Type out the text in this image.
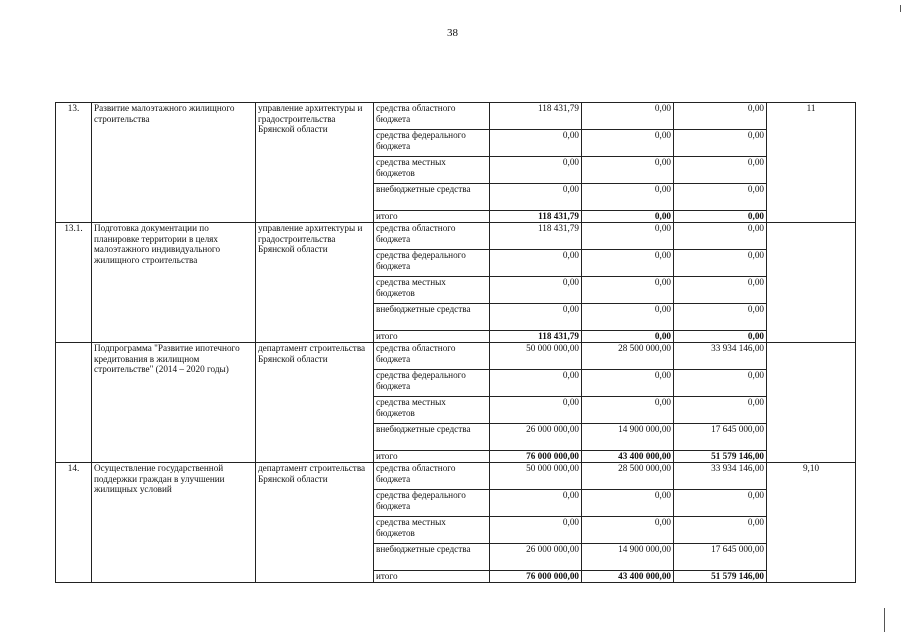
38
13.	Развитие малоэтажного жилищного строительства	управление архитектуры и градостроительства Брянской области	средства областного бюджета	118 431,79	0,00	0,00	11
			средства федерального бюджета	0,00	0,00	0,00	
			средства местных бюджетов	0,00	0,00	0,00	
			внебюджетные средства	0,00	0,00	0,00	
			итого	118 431,79	0,00	0,00	
13.1.	Подготовка документации по планировке территории в целях малоэтажного индивидуального жилищного строительства	управление архитектуры и градостроительства Брянской области	средства областного бюджета	118 431,79	0,00	0,00	
			средства федерального бюджета	0,00	0,00	0,00	
			средства местных бюджетов	0,00	0,00	0,00	
			внебюджетные средства	0,00	0,00	0,00	
			итого	118 431,79	0,00	0,00	
	Подпрограмма "Развитие ипотечного кредитования в жилищном строительстве" (2014 – 2020 годы)	департамент строительства Брянской области	средства областного бюджета	50 000 000,00	28 500 000,00	33 934 146,00	
			средства федерального бюджета	0,00	0,00	0,00	
			средства местных бюджетов	0,00	0,00	0,00	
			внебюджетные средства	26 000 000,00	14 900 000,00	17 645 000,00	
			итого	76 000 000,00	43 400 000,00	51 579 146,00	
14.	Осуществление государственной поддержки граждан в улучшении жилищных условий	департамент строительства Брянской области	средства областного бюджета	50 000 000,00	28 500 000,00	33 934 146,00	9,10
			средства федерального бюджета	0,00	0,00	0,00	
			средства местных бюджетов	0,00	0,00	0,00	
			внебюджетные средства	26 000 000,00	14 900 000,00	17 645 000,00	
			итого	76 000 000,00	43 400 000,00	51 579 146,00	
